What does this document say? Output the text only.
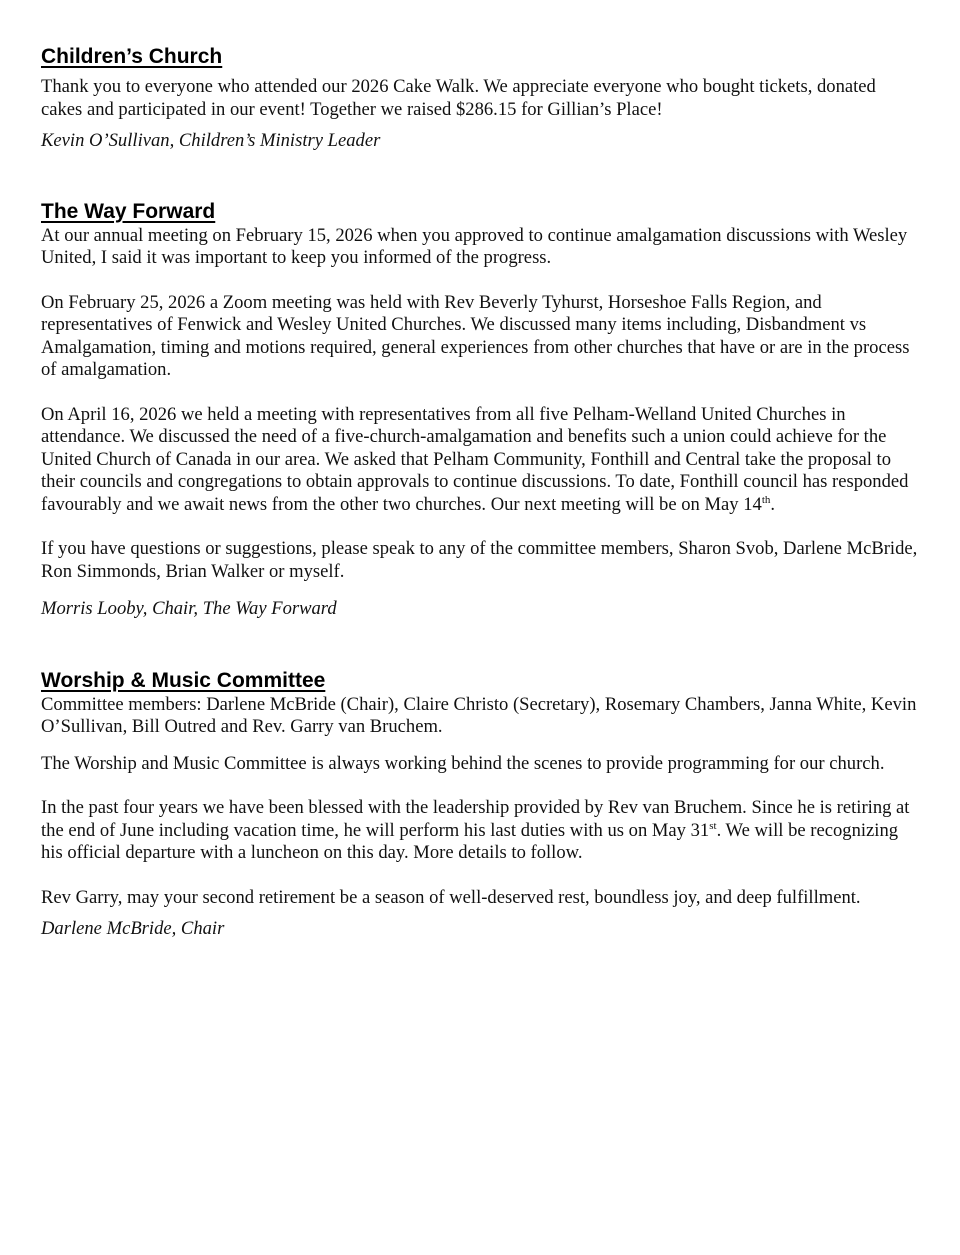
Children’s Church

Thank you to everyone who attended our 2026 Cake Walk. We appreciate everyone who bought tickets, donated cakes and participated in our event! Together we raised $286.15 for Gillian’s Place!

Kevin O’Sullivan, Children’s Ministry Leader

The Way Forward

At our annual meeting on February 15, 2026 when you approved to continue amalgamation discussions with Wesley United, I said it was important to keep you informed of the progress.

On February 25, 2026 a Zoom meeting was held with Rev Beverly Tyhurst, Horseshoe Falls Region, and representatives of Fenwick and Wesley United Churches. We discussed many items including, Disbandment vs Amalgamation, timing and motions required, general experiences from other churches that have or are in the process of amalgamation.

On April 16, 2026 we held a meeting with representatives from all five Pelham-Welland United Churches in attendance. We discussed the need of a five-church-amalgamation and benefits such a union could achieve for the United Church of Canada in our area. We asked that Pelham Community, Fonthill and Central take the proposal to their councils and congregations to obtain approvals to continue discussions. To date, Fonthill council has responded favourably and we await news from the other two churches. Our next meeting will be on May 14th.

If you have questions or suggestions, please speak to any of the committee members, Sharon Svob, Darlene McBride, Ron Simmonds, Brian Walker or myself.

Morris Looby, Chair, The Way Forward

Worship & Music Committee

Committee members: Darlene McBride (Chair), Claire Christo (Secretary), Rosemary Chambers, Janna White, Kevin O’Sullivan, Bill Outred and Rev. Garry van Bruchem.

The Worship and Music Committee is always working behind the scenes to provide programming for our church.

In the past four years we have been blessed with the leadership provided by Rev van Bruchem. Since he is retiring at the end of June including vacation time, he will perform his last duties with us on May 31st. We will be recognizing his official departure with a luncheon on this day. More details to follow.

Rev Garry, may your second retirement be a season of well-deserved rest, boundless joy, and deep fulfillment.

Darlene McBride, Chair
